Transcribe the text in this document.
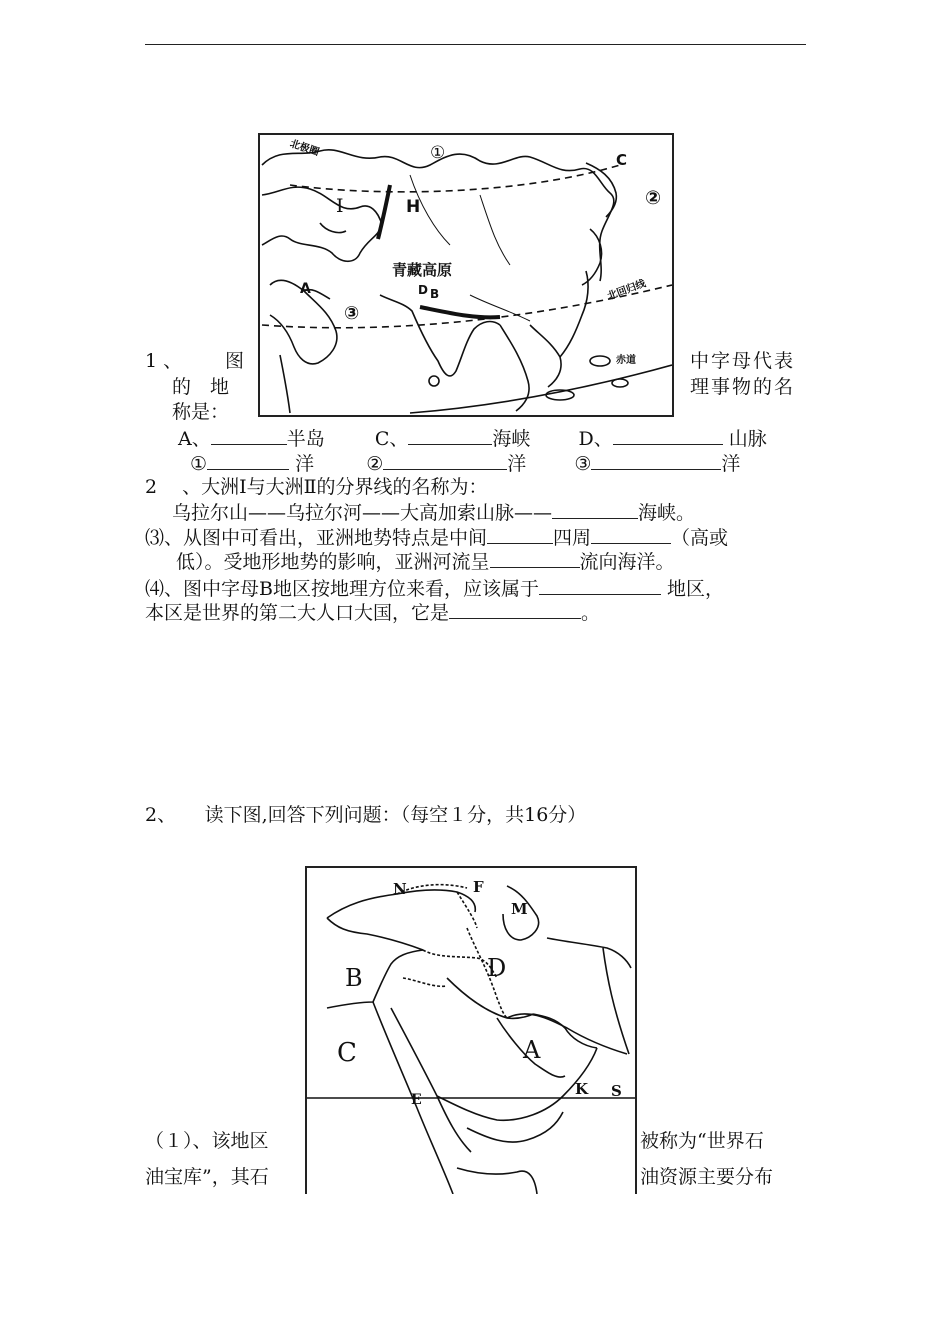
北极圈	①	C
②
I	H
青藏高原
A	D B	北回归线
③
赤道
1 、 图	中字母代表
的　地	理事物的名
称是：
A、	半岛	C、	海峡	D、	山脉
①	洋	②	洋	③	洋
2 　、大洲Ⅰ与大洲Ⅱ的分界线的名称为：
乌拉尔山——乌拉尔河——大高加索山脉——	海峡。
⑶、从图中可看出，亚洲地势特点是中间	四周	（高或
低）。受地形地势的影响，亚洲河流呈	流向海洋。
⑷、图中字母B地区按地理方位来看，应该属于	地区，
本区是世界的第二大人口大国，它是	。
2、　　读下图,回答下列问题：（每空１分，共16分）
N	F
M
B	D
C	A
E
K S
（１）、该地区	被称为“世界石
油宝库”，其石	油资源主要分布
